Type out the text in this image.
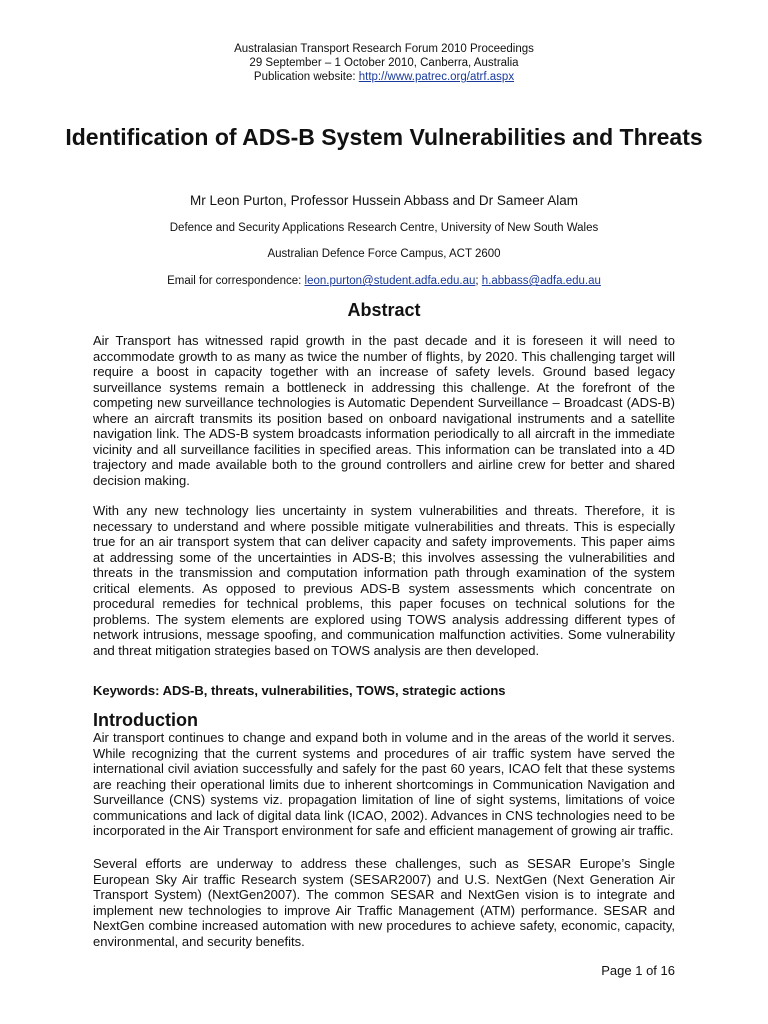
Australasian Transport Research Forum 2010 Proceedings
29 September – 1 October 2010, Canberra, Australia
Publication website: http://www.patrec.org/atrf.aspx
Identification of ADS-B System Vulnerabilities and Threats
Mr Leon Purton, Professor Hussein Abbass and Dr Sameer Alam
Defence and Security Applications Research Centre, University of New South Wales
Australian Defence Force Campus, ACT 2600
Email for correspondence: leon.purton@student.adfa.edu.au; h.abbass@adfa.edu.au
Abstract

Air Transport has witnessed rapid growth in the past decade and it is foreseen it will need to accommodate growth to as many as twice the number of flights, by 2020. This challenging target will require a boost in capacity together with an increase of safety levels. Ground based legacy surveillance systems remain a bottleneck in addressing this challenge. At the forefront of the competing new surveillance technologies is Automatic Dependent Surveillance – Broadcast (ADS-B) where an aircraft transmits its position based on onboard navigational instruments and a satellite navigation link. The ADS-B system broadcasts information periodically to all aircraft in the immediate vicinity and all surveillance facilities in specified areas. This information can be translated into a 4D trajectory and made available both to the ground controllers and airline crew for better and shared decision making.

With any new technology lies uncertainty in system vulnerabilities and threats. Therefore, it is necessary to understand and where possible mitigate vulnerabilities and threats. This is especially true for an air transport system that can deliver capacity and safety improvements. This paper aims at addressing some of the uncertainties in ADS-B; this involves assessing the vulnerabilities and threats in the transmission and computation information path through examination of the system critical elements. As opposed to previous ADS-B system assessments which concentrate on procedural remedies for technical problems, this paper focuses on technical solutions for the problems. The system elements are explored using TOWS analysis addressing different types of network intrusions, message spoofing, and communication malfunction activities. Some vulnerability and threat mitigation strategies based on TOWS analysis are then developed.

Keywords: ADS-B, threats, vulnerabilities, TOWS, strategic actions
Introduction

Air transport continues to change and expand both in volume and in the areas of the world it serves. While recognizing that the current systems and procedures of air traffic system have served the international civil aviation successfully and safely for the past 60 years, ICAO felt that these systems are reaching their operational limits due to inherent shortcomings in Communication Navigation and Surveillance (CNS) systems viz. propagation limitation of line of sight systems, limitations of voice communications and lack of digital data link (ICAO, 2002). Advances in CNS technologies need to be incorporated in the Air Transport environment for safe and efficient management of growing air traffic.

Several efforts are underway to address these challenges, such as SESAR Europe’s Single European Sky Air traffic Research system (SESAR2007) and U.S. NextGen (Next Generation Air Transport System) (NextGen2007). The common SESAR and NextGen vision is to integrate and implement new technologies to improve Air Traffic Management (ATM) performance. SESAR and NextGen combine increased automation with new procedures to achieve safety, economic, capacity, environmental, and security benefits.

Page 1 of 16
